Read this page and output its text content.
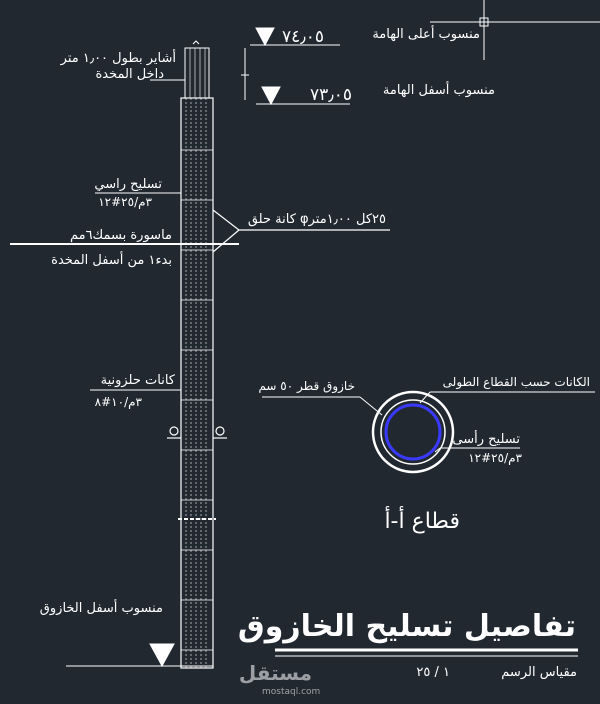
٧٤٫٠٥	منسوب أعلى الهامة
٧٣٫٠٥ منسوب أسفل الهامة
أشاير بطول ١٫٠٠ متر
داخل المخدة
تسليح راسي
٣م/٢٥#١٢
كانة حلق φ٢٥كل ١٫٠٠متر
ماسورة بسمك٦مم
بدء١ من أسفل المخدة
كانات حلزونية
٣م/١٠#٨
خازوق قطر ٥٠ سم	الكانات حسب القطاع الطولى
تسليح رأسى
٣م/٢٥#١٢
قطاع أ-أ
منسوب أسفل الخازوق
تفاصيل تسليح الخازوق
مقياس الرسم
١ / ٢٥
مستقل
mostaql.com
